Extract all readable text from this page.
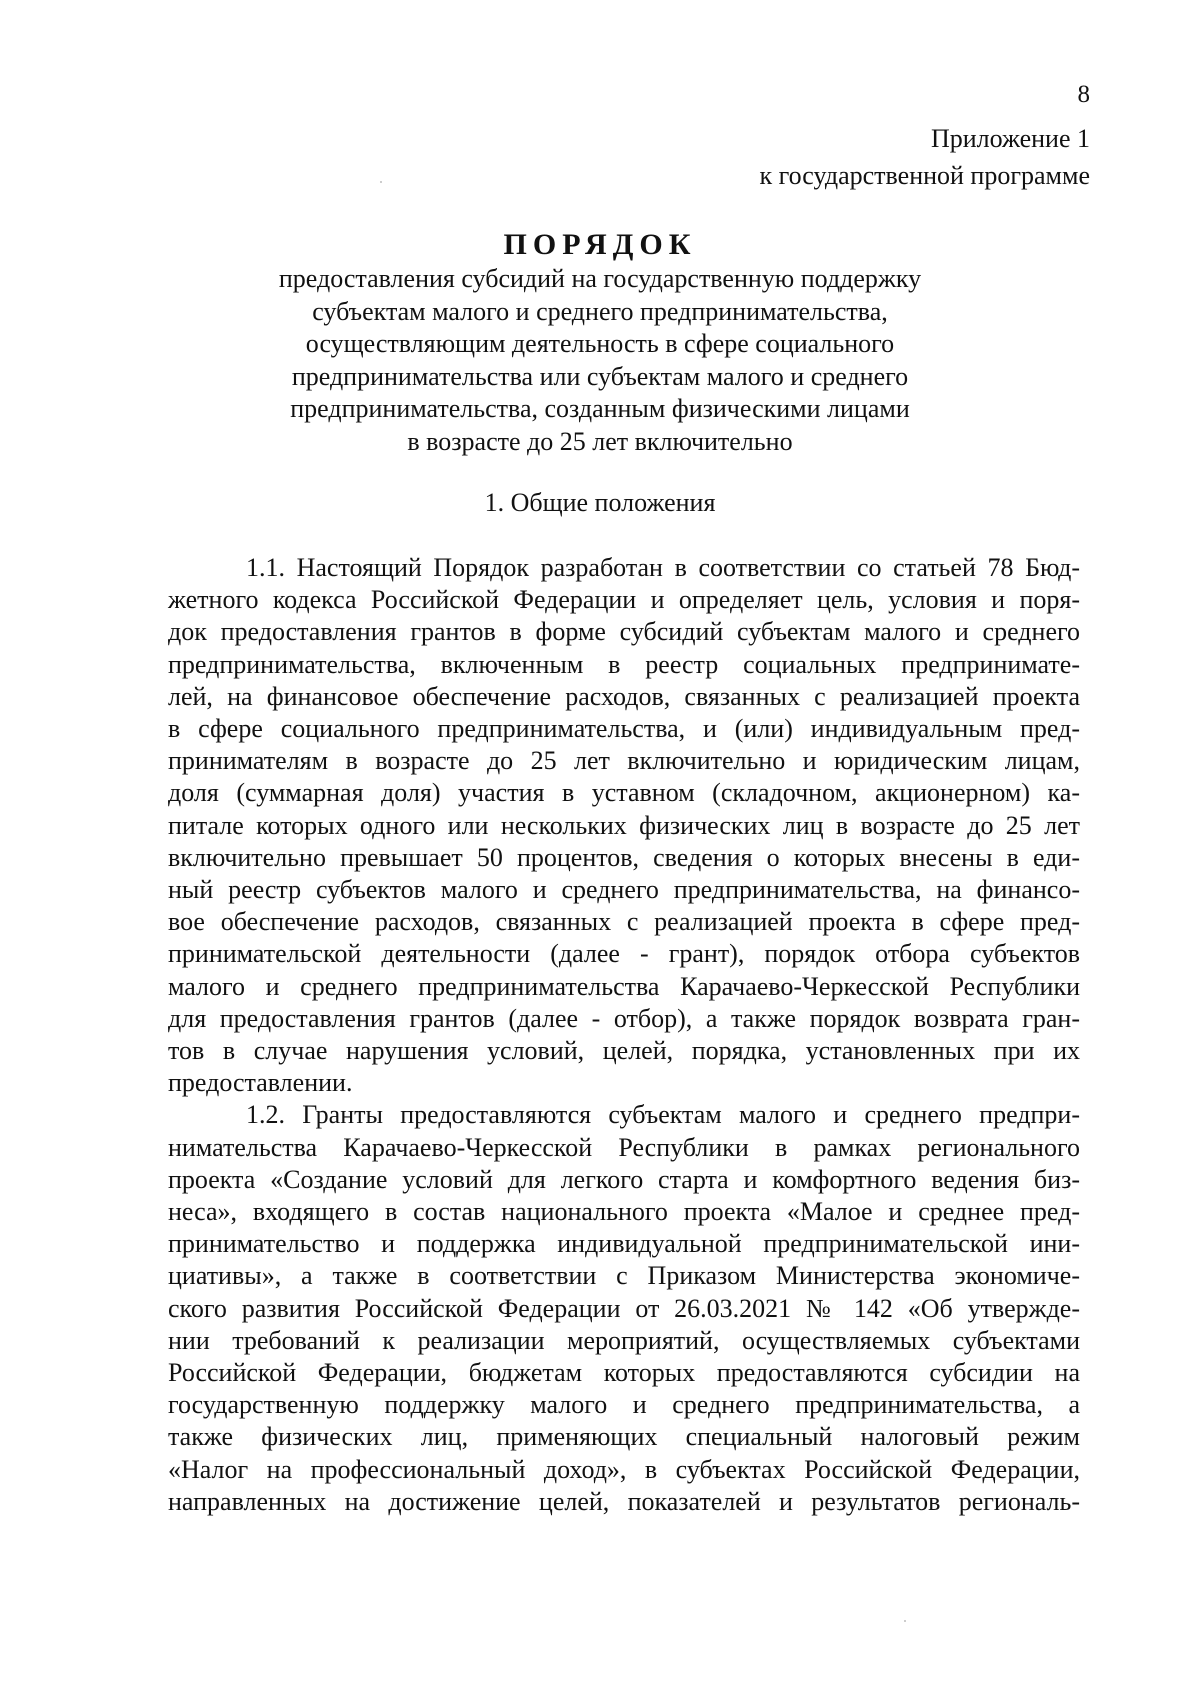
8
Приложение 1
к государственной программе
ПОРЯДОК
предоставления субсидий на государственную поддержку
субъектам малого и среднего предпринимательства,
осуществляющим деятельность в сфере социального
предпринимательства или субъектам малого и среднего
предпринимательства, созданным физическими лицами
в возрасте до 25 лет включительно
1. Общие положения
1.1. Настоящий Порядок разработан в соответствии со статьей 78 Бюд-
жетного кодекса Российской Федерации и определяет цель, условия и поря-
док предоставления грантов в форме субсидий субъектам малого и среднего
предпринимательства, включенным в реестр социальных предпринимате-
лей, на финансовое обеспечение расходов, связанных с реализацией проекта
в сфере социального предпринимательства, и (или) индивидуальным пред-
принимателям в возрасте до 25 лет включительно и юридическим лицам,
доля (суммарная доля) участия в уставном (складочном, акционерном) ка-
питале которых одного или нескольких физических лиц в возрасте до 25 лет
включительно превышает 50 процентов, сведения о которых внесены в еди-
ный реестр субъектов малого и среднего предпринимательства, на финансо-
вое обеспечение расходов, связанных с реализацией проекта в сфере пред-
принимательской деятельности (далее - грант), порядок отбора субъектов
малого и среднего предпринимательства Карачаево-Черкесской Республики
для предоставления грантов (далее - отбор), а также порядок возврата гран-
тов в случае нарушения условий, целей, порядка, установленных при их
предоставлении.
1.2. Гранты предоставляются субъектам малого и среднего предпри-
нимательства Карачаево-Черкесской Республики в рамках регионального
проекта «Создание условий для легкого старта и комфортного ведения биз-
неса», входящего в состав национального проекта «Малое и среднее пред-
принимательство и поддержка индивидуальной предпринимательской ини-
циативы», а также в соответствии с Приказом Министерства экономиче-
ского развития Российской Федерации от 26.03.2021 № 142 «Об утвержде-
нии требований к реализации мероприятий, осуществляемых субъектами
Российской Федерации, бюджетам которых предоставляются субсидии на
государственную поддержку малого и среднего предпринимательства, а
также физических лиц, применяющих специальный налоговый режим
«Налог на профессиональный доход», в субъектах Российской Федерации,
направленных на достижение целей, показателей и результатов региональ-
